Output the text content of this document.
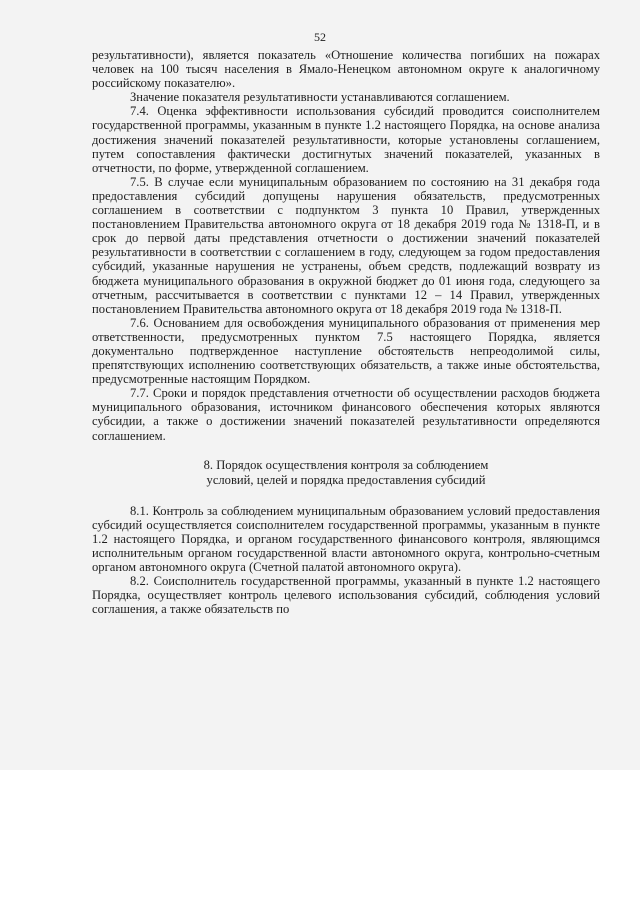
52

результативности), является показатель «Отношение количества погибших на пожарах человек на 100 тысяч населения в Ямало-Ненецком автономном округе к аналогичному российскому показателю».

Значение показателя результативности устанавливаются соглашением.

7.4. Оценка эффективности использования субсидий проводится соисполнителем государственной программы, указанным в пункте 1.2 настоящего Порядка, на основе анализа достижения значений показателей результативности, которые установлены соглашением, путем сопоставления фактически достигнутых значений показателей, указанных в отчетности, по форме, утвержденной соглашением.

7.5. В случае если муниципальным образованием по состоянию на 31 декабря года предоставления субсидий допущены нарушения обязательств, предусмотренных соглашением в соответствии с подпунктом 3 пункта 10 Правил, утвержденных постановлением Правительства автономного округа от 18 декабря 2019 года № 1318-П, и в срок до первой даты представления отчетности о достижении значений показателей результативности в соответствии с соглашением в году, следующем за годом предоставления субсидий, указанные нарушения не устранены, объем средств, подлежащий возврату из бюджета муниципального образования в окружной бюджет до 01 июня года, следующего за отчетным, рассчитывается в соответствии с пунктами 12 – 14 Правил, утвержденных постановлением Правительства автономного округа от 18 декабря 2019 года № 1318-П.

7.6. Основанием для освобождения муниципального образования от применения мер ответственности, предусмотренных пунктом 7.5 настоящего Порядка, является документально подтвержденное наступление обстоятельств непреодолимой силы, препятствующих исполнению соответствующих обязательств, а также иные обстоятельства, предусмотренные настоящим Порядком.

7.7. Сроки и порядок представления отчетности об осуществлении расходов бюджета муниципального образования, источником финансового обеспечения которых являются субсидии, а также о достижении значений показателей результативности определяются соглашением.

8. Порядок осуществления контроля за соблюдением
условий, целей и порядка предоставления субсидий

8.1. Контроль за соблюдением муниципальным образованием условий предоставления субсидий осуществляется соисполнителем государственной программы, указанным в пункте 1.2 настоящего Порядка, и органом государственного финансового контроля, являющимся исполнительным органом государственной власти автономного округа, контрольно-счетным органом автономного округа (Счетной палатой автономного округа).

8.2. Соисполнитель государственной программы, указанный в пункте 1.2 настоящего Порядка, осуществляет контроль целевого использования субсидий, соблюдения условий соглашения, а также обязательств по
